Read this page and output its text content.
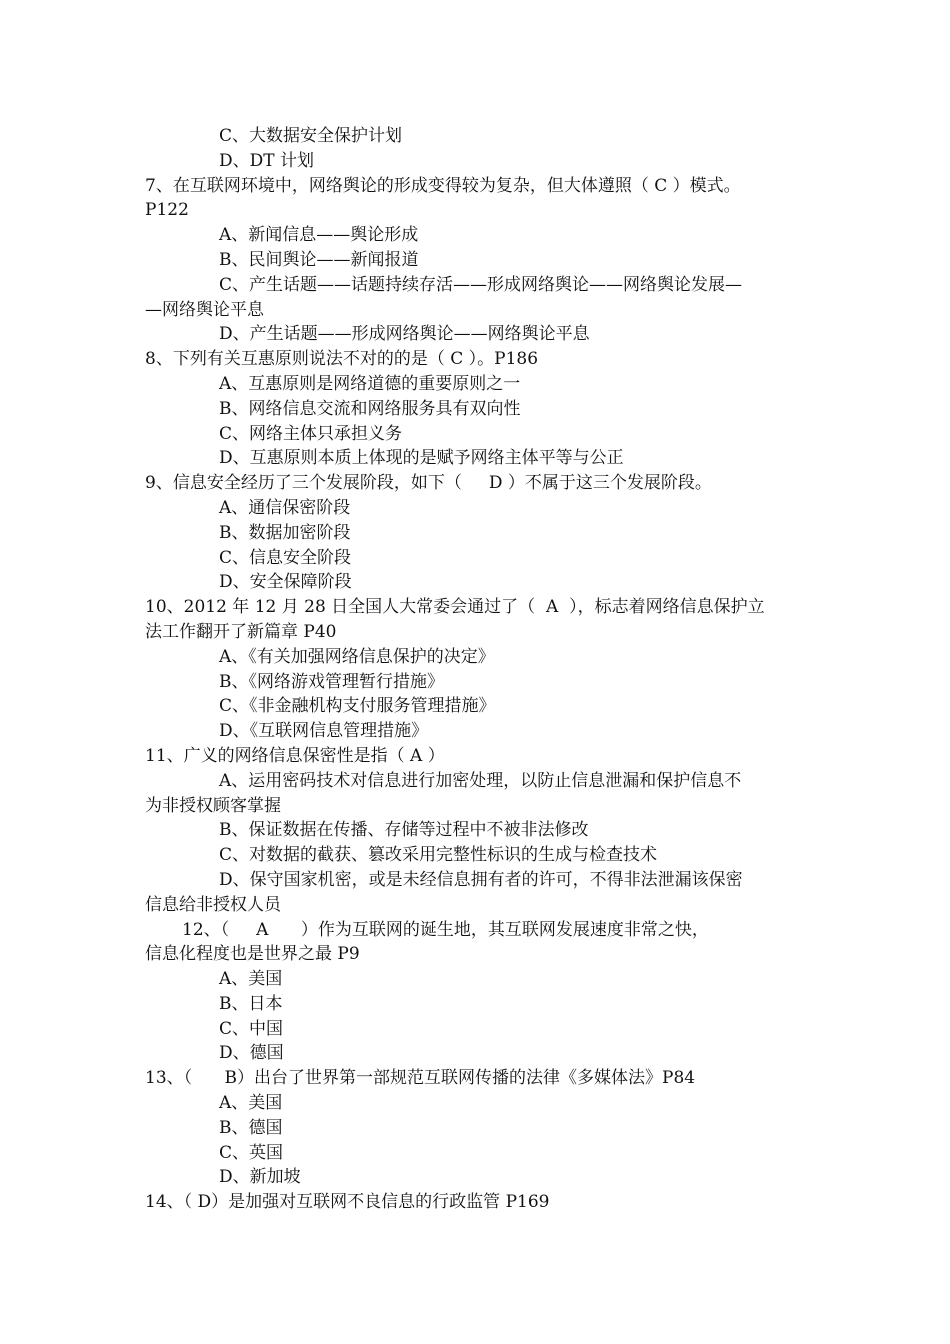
C、大数据安全保护计划
D、DT 计划
7、在互联网环境中，网络舆论的形成变得较为复杂，但大体遵照（ C ）模式。
P122
A、新闻信息——舆论形成
B、民间舆论——新闻报道
C、产生话题——话题持续存活——形成网络舆论——网络舆论发展—
—网络舆论平息
D、产生话题——形成网络舆论——网络舆论平息
8、下列有关互惠原则说法不对的的是（ C ）。P186
A、互惠原则是网络道德的重要原则之一
B、网络信息交流和网络服务具有双向性
C、网络主体只承担义务
D、互惠原则本质上体现的是赋予网络主体平等与公正
9、信息安全经历了三个发展阶段，如下（     D ）不属于这三个发展阶段。
A、通信保密阶段
B、数据加密阶段
C、信息安全阶段
D、安全保障阶段
10、2012 年 12 月 28 日全国人大常委会通过了（  A  ），标志着网络信息保护立
法工作翻开了新篇章 P40
A、《有关加强网络信息保护的决定》
B、《网络游戏管理暂行措施》
C、《非金融机构支付服务管理措施》
D、《互联网信息管理措施》
11、广义的网络信息保密性是指（ A ）
A、运用密码技术对信息进行加密处理，以防止信息泄漏和保护信息不
为非授权顾客掌握
B、保证数据在传播、存储等过程中不被非法修改
C、对数据的截获、篡改采用完整性标识的生成与检查技术
D、保守国家机密，或是未经信息拥有者的许可，不得非法泄漏该保密
信息给非授权人员
12、（     A      ）作为互联网的诞生地，其互联网发展速度非常之快，
信息化程度也是世界之最 P9
A、美国
B、日本
C、中国
D、德国
13、（      B）出台了世界第一部规范互联网传播的法律《多媒体法》P84
A、美国
B、德国
C、英国
D、新加坡
14、（ D）是加强对互联网不良信息的行政监管 P169
